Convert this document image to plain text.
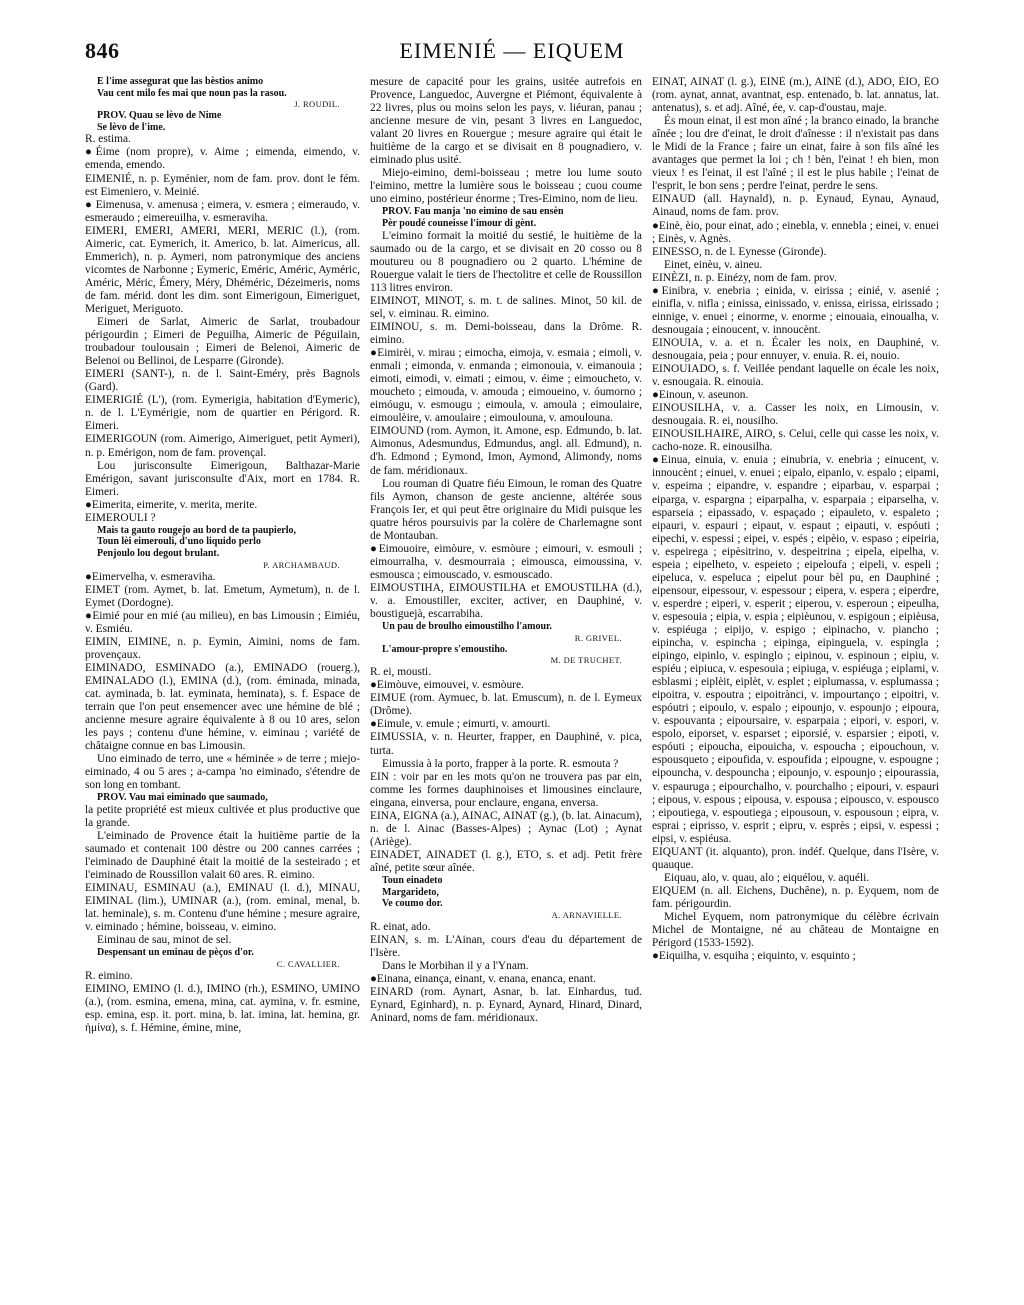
846	EIMENIÉ — EIQUEM

E l'ime assegurat que las bèstios animo

Vau cent milo fes mai que noun pas la rasou.

J. ROUDIL.

PROV. Quau se lèvo de Nime

Se lèvo de l'ime.

R. estima.

●Éime (nom propre), v. Aime ; eimenda, eimendo, v. emenda, emendo.

EIMENIÉ, n. p. Eyménier, nom de fam. prov. dont le fém. est Eimeniero, v. Meinié.

● Eimenusa, v. amenusa ; eimera, v. esmera ; eimeraudo, v. esmeraudo ; eimereuilha, v. esmeraviha.

EIMERI, EMERI, AMERI, MERI, MERIC (l.), (rom. Aimeric, cat. Eymerich, it. Americo, b. lat. Aimericus, all. Emmerich), n. p. Aymeri, nom patronymique des anciens vicomtes de Narbonne ; Eymeric, Eméric, Améric, Ayméric, Améric, Méric, Émery, Méry, Dhéméric, Dézeimeris, noms de fam. mérid. dont les dim. sont Eimerigoun, Eimeriguet, Meriguet, Meriguoto.

Eimeri de Sarlat, Aimeric de Sarlat, troubadour périgourdin ; Eimeri de Peguilha, Aimeric de Péguilain, troubadour toulousain ; Eimeri de Belenoi, Aimeric de Belenoi ou Bellinoi, de Lesparre (Gironde).

EIMERI (SANT-), n. de l. Saint-Eméry, près Bagnols (Gard).

EIMERIGIÉ (L'), (rom. Eymerigia, habitation d'Eymeric), n. de l. L'Eymérigie, nom de quartier en Périgord. R. Eimeri.

EIMERIGOUN (rom. Aimerigo, Aimeriguet, petit Aymeri), n. p. Emérigon, nom de fam. provençal.

Lou jurisconsulte Eimerigoun, Balthazar-Marie Emérigon, savant jurisconsulte d'Aix, mort en 1784. R. Eimeri.

●Eimerita, eimerite, v. merita, merite.

EIMEROULI ?

Mais ta gauto rougejo au bord de ta paupierlo,

Toun lèi eimerouli, d'uno liquido perlo

Penjoulo lou degout brulant.

P. ARCHAMBAUD.

●Eimervelha, v. esmeraviha.

EIMET (rom. Aymet, b. lat. Emetum, Aymetum), n. de l. Eymet (Dordogne).

●Eimié pour en mié (au milieu), en bas Limousin ; Eimiéu, v. Esmiéu.

EIMIN, EIMINE, n. p. Eymin, Aimini, noms de fam. provençaux.

EIMINADO, ESMINADO (a.), EMINADO (rouerg.), EMINALADO (l.), EMINA (d.), (rom. éminada, minada, cat. ayminada, b. lat. eyminata, heminata), s. f. Espace de terrain que l'on peut ensemencer avec une hémine de blé ; ancienne mesure agraire équivalente à 8 ou 10 ares, selon les pays ; contenu d'une hémine, v. eiminau ; variété de châtaigne connue en bas Limousin.

Uno eiminado de terro, une « héminée » de terre ; miejo-eiminado, 4 ou 5 ares ; a-campa 'no eiminado, s'étendre de son long en tombant.

PROV. Vau mai eiminado que saumado,

la petite propriété est mieux cultivée et plus productive que la grande.

L'eiminado de Provence était la huitième partie de la saumado et contenait 100 dèstre ou 200 cannes carrées ; l'eiminado de Dauphiné était la moitié de la sesteirado ; et l'eiminado de Roussillon valait 60 ares. R. eimino.

EIMINAU, ESMINAU (a.), EMINAU (l. d.), MINAU, EIMINAL (lim.), UMINAR (a.), (rom. eminal, menal, b. lat. heminale), s. m. Contenu d'une hémine ; mesure agraire, v. eiminado ; hémine, boisseau, v. eimino.

Eiminau de sau, minot de sel.

Despensant un eminau de pèços d'or.

C. CAVALLIER.

R. eimino.

EIMINO, EMINO (l. d.), IMINO (rh.), ESMINO, UMINO (a.), (rom. esmina, emena, mina, cat. aymina, v. fr. esmine, esp. emina, esp. it. port. mina, b. lat. imina, lat. hemina, gr. ἡμίνα), s. f. Hémine, émine, mine,

mesure de capacité pour les grains, usitée autrefois en Provence, Languedoc, Auvergne et Piémont, équivalente à 22 livres, plus ou moins selon les pays, v. liéuran, panau ; ancienne mesure de vin, pesant 3 livres en Languedoc, valant 20 livres en Rouergue ; mesure agraire qui était le huitième de la cargo et se divisait en 8 pougnadiero, v. eiminado plus usité.

Miejo-eimino, demi-boisseau ; metre lou lume souto l'eimino, mettre la lumière sous le boisseau ; cuou coume uno eimino, postérieur énorme ; Tres-Eimino, nom de lieu.

PROV. Fau manja 'no eimino de sau ensèn

Pèr poudé couneisse l'imour di gènt.

L'eimino formait la moitié du sestié, le huitième de la saumado ou de la cargo, et se divisait en 20 cosso ou 8 moutureu ou 8 pougnadiero ou 2 quarto. L'hémine de Rouergue valait le tiers de l'hectolitre et celle de Roussillon 113 litres environ.

EIMINOT, MINOT, s. m. t. de salines. Minot, 50 kil. de sel, v. eiminau. R. eimino.

EIMINOU, s. m. Demi-boisseau, dans la Drôme. R. eimino.

●Eimirèi, v. mirau ; eimocha, eimoja, v. esmaia ; eimoli, v. enmali ; eimonda, v. enmanda ; eimonouia, v. eimanouia ; eimoti, eimodi, v. eimati ; eimou, v. éime ; eimoucheto, v. moucheto ; eimouda, v. amouda ; eimoueino, v. óumorno ; eimóugu, v. esmougu ; eimoula, v. amoula ; eimoulaire, eimoulèire, v. amoulaire ; eimoulouna, v. amoulouna.

EIMOUND (rom. Aymon, it. Amone, esp. Edmundo, b. lat. Aimonus, Adesmundus, Edmundus, angl. all. Edmund), n. d'h. Edmond ; Eymond, Imon, Aymond, Alimondy, noms de fam. méridionaux.

Lou rouman di Quatre fiéu Eimoun, le roman des Quatre fils Aymon, chanson de geste ancienne, altérée sous François Ier, et qui peut être originaire du Midi puisque les quatre héros poursuivis par la colère de Charlemagne sont de Montauban.

●Eimouoire, eimòure, v. esmòure ; eimouri, v. esmouli ; eimourralha, v. desmourraia ; eimousca, eimoussina, v. esmousca ; eimouscado, v. esmouscado.

EIMOUSTIHA, EIMOUSTILHA et EMOUSTILHA (d.), v. a. Emoustiller, exciter, activer, en Dauphiné, v. boustiguejà, escarrabiha.

Un pau de broulho eimoustilho l'amour.

R. GRIVEL.

L'amour-propre s'emoustiho.

M. DE TRUCHET.

R. ei, mousti.

●Eimòuve, eimouvei, v. esmòure.

EIMUE (rom. Aymuec, b. lat. Emuscum), n. de l. Eymeux (Drôme).

●Eimule, v. emule ; eimurti, v. amourti.

EIMUSSIA, v. n. Heurter, frapper, en Dauphiné, v. pica, turta.

Eimussia à la porto, frapper à la porte. R. esmouta ?

EIN : voir par en les mots qu'on ne trouvera pas par ein, comme les formes dauphinoises et limousines einclaure, eingana, einversa, pour enclaure, engana, enversa.

EINA, EIGNA (a.), AINAC, AINAT (g.), (b. lat. Ainacum), n. de l. Ainac (Basses-Alpes) ; Aynac (Lot) ; Aynat (Ariège).

EINADET, AINADET (l. g.), ETO, s. et adj. Petit frère aîné, petite sœur aînée.

Toun einadeto

Margarideto,

Ve coumo dor.

A. ARNAVIELLE.

R. einat, ado.

EINAN, s. m. L'Ainan, cours d'eau du département de l'Isère.

Dans le Morbihan il y a l'Ynam.

●Einana, einança, einant, v. enana, enanca, enant.

EINARD (rom. Aynart, Asnar, b. lat. Einhardus, tud. Eynard, Eginhard), n. p. Eynard, Aynard, Hinard, Dinard, Aninard, noms de fam. méridionaux.

EINAT, AINAT (l. g.), EINÈ (m.), AINÈ (d.), ADO, ÈIO, ÈO (rom. aynat, annat, avantnat, esp. entenado, b. lat. annatus, lat. antenatus), s. et adj. Aîné, ée, v. cap-d'oustau, maje.

És moun einat, il est mon aîné ; la branco einado, la branche aînée ; lou dre d'einat, le droit d'aînesse : il n'existait pas dans le Midi de la France ; faire un einat, faire à son fils aîné les avantages que permet la loi ; ch ! bèn, l'einat ! eh bien, mon vieux ! es l'einat, il est l'aîné ; il est le plus habile ; l'einat de l'esprit, le bon sens ; perdre l'einat, perdre le sens.

EINAUD (all. Haynald), n. p. Eynaud, Eynau, Aynaud, Ainaud, noms de fam. prov.

●Einè, èio, pour einat, ado ; einebla, v. ennebla ; einei, v. enuei ; Einès, v. Agnès.

EINESSO, n. de l. Eynesse (Gironde).

Einet, einèu, v. aineu.

EINÈZI, n. p. Einézy, nom de fam. prov.

●Einibra, v. enebria ; einida, v. eirissa ; einié, v. asenié ; einifla, v. nifla ; einissa, einissado, v. enissa, eirissa, eirissado ; einnige, v. enuei ; einorme, v. enorme ; einouaia, einoualha, v. desnougaia ; einoucent, v. innoucènt.

EINOUIA, v. a. et n. Écaler les noix, en Dauphiné, v. desnougaia, peia ; pour ennuyer, v. enuia. R. ei, nouio.

EINOUIADO, s. f. Veillée pendant laquelle on écale les noix, v. esnougaia. R. einouia.

●Einoun, v. aseunon.

EINOUSILHA, v. a. Casser les noix, en Limousin, v. desnougaia. R. ei, nousilho.

EINOUSILHAIRE, AIRO, s. Celui, celle qui casse les noix, v. cacho-noze. R. einousilha.

●Einua, einuia, v. enuia ; einubria, v. enebria ; einucent, v. innoucènt ; einuei, v. enuei ; eipalo, eipanlo, v. espalo ; eipami, v. espeima ; eipandre, v. espandre ; eiparbau, v. esparpai ; eiparga, v. espargna ; eiparpalha, v. esparpaia ; eiparselha, v. esparseia ; eipassado, v. espaçado ; eipauleto, v. espaleto ; eipauri, v. espauri ; eipaut, v. espaut ; eipauti, v. espóuti ; eipechi, v. espessi ; eipei, v. espés ; eipèio, v. espaso ; eipeiria, v. espeirega ; eipèsitrino, v. despeitrina ; eipela, eipelha, v. espeia ; eipelheto, v. espeieto ; eipeloufa ; eipeli, v. espeli ; eipeluca, v. espeluca ; eipelut pour bèl pu, en Dauphiné ; eipensour, eipessour, v. espessour ; eipera, v. espera ; eiperdre, v. esperdre ; eiperi, v. esperit ; eiperou, v. esperoun ; eipeulha, v. espesouia ; eipia, v. espia ; eipièunou, v. espigoun ; eipièusa, v. espiéuga ; eipijo, v. espigo ; eipinacho, v. piancho ; eipincha, v. espincha ; eipinga, eipinguela, v. espingla ; eipingo, eipinlo, v. espinglo ; eipinou, v. espinoun ; eipiu, v. espiéu ; eipiuca, v. espesouia ; eipiuga, v. espiéuga ; eiplami, v. esblasmi ; eiplèit, eiplèt, v. esplet ; eiplumassa, v. esplumassa ; eipoitra, v. espoutra ; eipoitrànci, v. impourtanço ; eipoitri, v. espóutri ; eipoulo, v. espalo ; eipounjo, v. espounjo ; eipoura, v. espouvanta ; eipoursaire, v. esparpaia ; eipori, v. espori, v. espolo, eiporset, v. esparset ; eiporsié, v. esparsier ; eipoti, v. espóuti ; eipoucha, eipouicha, v. espoucha ; eipouchoun, v. espousqueto ; eipoufida, v. espoufida ; eipougne, v. espougne ; eipouncha, v. despouncha ; eipounjo, v. espounjo ; eipourassia, v. espauruga ; eipourchalho, v. pourchalho ; eipouri, v. espauri ; eipous, v. espous ; eipousa, v. espousa ; eipousco, v. espousco ; eipoutiega, v. espoutiega ; eipousoun, v. espousoun ; eipra, v. esprai ; eiprisso, v. esprit ; eipru, v. esprès ; eipsi, v. espessi ; eipsi, v. espiéusa.

EIQUANT (it. alquanto), pron. indéf. Quelque, dans l'Isère, v. quauque.

Eiquau, alo, v. quau, alo ; eiquélou, v. aquéli.

EIQUEM (n. all. Eichens, Duchêne), n. p. Eyquem, nom de fam. périgourdin.

Michel Eyquem, nom patronymique du célèbre écrivain Michel de Montaigne, né au château de Montaigne en Périgord (1533-1592).

●Eiquilha, v. esquiha ; eiquinto, v. esquinto ;
